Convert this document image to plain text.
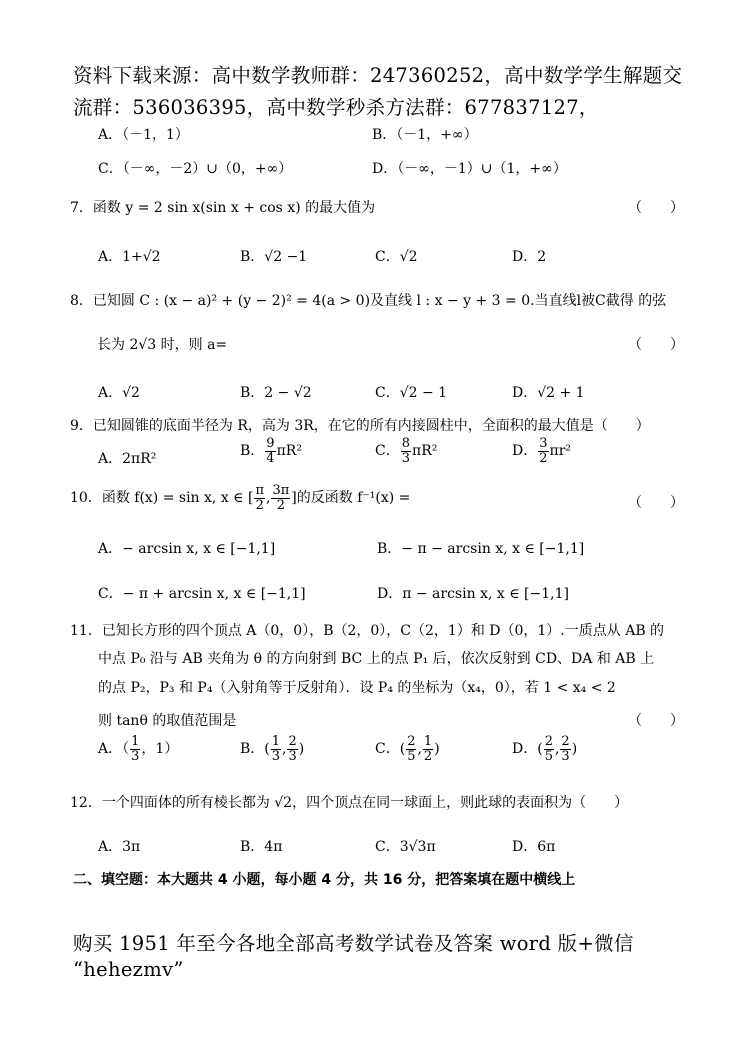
资料下载来源：高中数学教师群：247360252，高中数学学生解题交
流群：536036395，高中数学秒杀方法群：677837127，
A．（－1，1）	B．（－1，+∞）
C．（－∞，－2）∪（0，+∞）	D．（－∞，－1）∪（1，+∞）
7．函数 y = 2 sin x(sin x + cos x) 的最大值为	（　　）
A．1+√2	B．√2 −1	C．√2	D．2
8．已知圆 C : (x − a)² + (y − 2)² = 4(a > 0)及直线 l : x − y + 3 = 0.当直线l被C截得 的弦
长为 2√3 时，则 a=	（　　）
A．√2	B．2 − √2	C．√2 − 1	D．√2 + 1
9．已知圆锥的底面半径为 R，高为 3R，在它的所有内接圆柱中，全面积的最大值是（　　）
A．2πR²	B． $\frac{9}{4} \pi R^2$	C． $\frac{8}{3} \pi R^2$	D． $\frac{3}{2} \pi r^2$
10．函数 f(x) = sin x, x ∈ [ $\frac{\pi}{2}$ , $\frac{3\pi}{2}$ ]的反函数 f⁻¹(x) =	（　　）
A．− arcsin x, x ∈ [−1,1]	B．− π − arcsin x, x ∈ [−1,1]
C．− π + arcsin x, x ∈ [−1,1]	D．π − arcsin x, x ∈ [−1,1]
11．已知长方形的四个顶点 A（0，0），B（2，0），C（2，1）和 D（0，1）.一质点从 AB 的
中点 P₀ 沿与 AB 夹角为 θ 的方向射到 BC 上的点 P₁ 后，依次反射到 CD、DA 和 AB 上
的点 P₂，P₃ 和 P₄（入射角等于反射角）．设 P₄ 的坐标为（x₄，0），若 1 < x₄ < 2
则 tanθ 的取值范围是	（　　）
A．（ $\frac{1}{3}$ ，1）	B．( $\frac{1}{3}$ , $\frac{2}{3}$ )	C．( $\frac{2}{5}$ , $\frac{1}{2}$ )	D．( $\frac{2}{5}$ , $\frac{2}{3}$ )
12．一个四面体的所有棱长都为 √2，四个顶点在同一球面上，则此球的表面积为（　　）
A．3π	B．4π	C．3√3π	D．6π
二、填空题：本大题共 4 小题，每小题 4 分，共 16 分，把答案填在题中横线上
购买 1951 年至今各地全部高考数学试卷及答案 word 版+微信
“hehezmv”
